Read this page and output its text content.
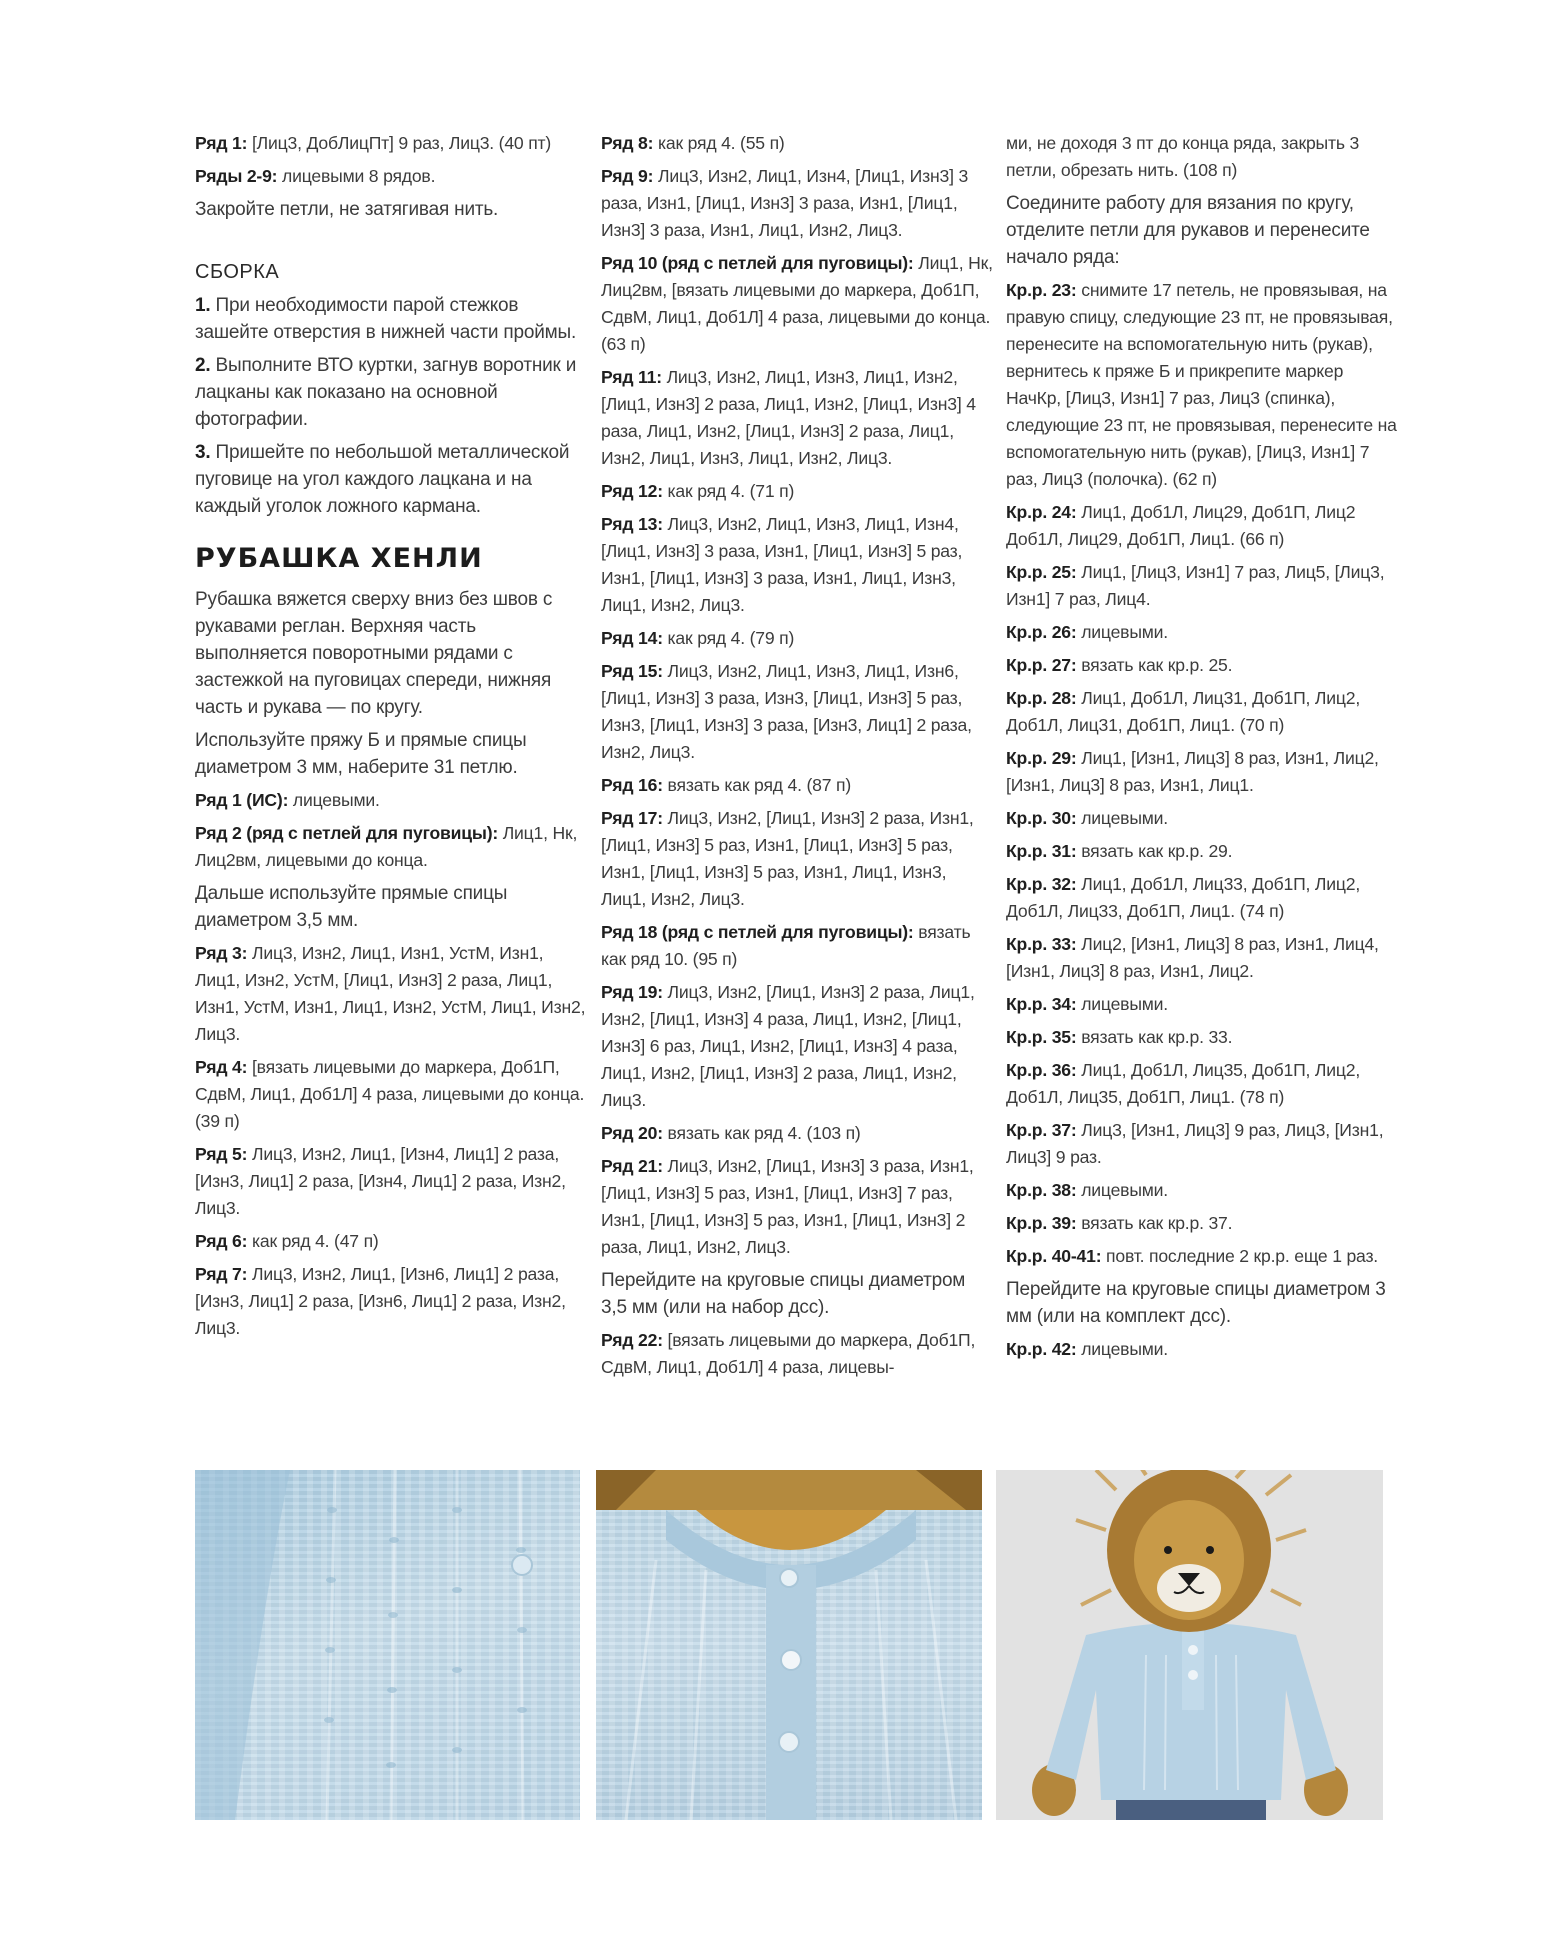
Ряд 1: [Лиц3, ДобЛицПт] 9 раз, Лиц3. (40 пт)

Ряды 2-9: лицевыми 8 рядов.

Закройте петли, не затягивая нить.

СБОРКА

1. При необходимости парой стежков зашейте отверстия в нижней части проймы.

2. Выполните ВТО куртки, загнув воротник и лацканы как показано на основной фотографии.

3. Пришейте по небольшой металлической пуговице на угол каждого лацкана и на каждый уголок ложного кармана.

РУБАШКА ХЕНЛИ

Рубашка вяжется сверху вниз без швов с рукавами реглан. Верхняя часть выполняется поворотными рядами с застежкой на пуговицах спереди, нижняя часть и рукава — по кругу.

Используйте пряжу Б и прямые спицы диаметром 3 мм, наберите 31 петлю.

Ряд 1 (ИС): лицевыми.

Ряд 2 (ряд с петлей для пуговицы): Лиц1, Нк, Лиц2вм, лицевыми до конца.

Дальше используйте прямые спицы диаметром 3,5 мм.

Ряд 3: Лиц3, Изн2, Лиц1, Изн1, УстМ, Изн1, Лиц1, Изн2, УстМ, [Лиц1, Изн3] 2 раза, Лиц1, Изн1, УстМ, Изн1, Лиц1, Изн2, УстМ, Лиц1, Изн2, Лиц3.

Ряд 4: [вязать лицевыми до маркера, Доб1П, СдвМ, Лиц1, Доб1Л] 4 раза, лицевыми до конца. (39 п)

Ряд 5: Лиц3, Изн2, Лиц1, [Изн4, Лиц1] 2 раза, [Изн3, Лиц1] 2 раза, [Изн4, Лиц1] 2 раза, Изн2, Лиц3.

Ряд 6: как ряд 4. (47 п)

Ряд 7: Лиц3, Изн2, Лиц1, [Изн6, Лиц1] 2 раза, [Изн3, Лиц1] 2 раза, [Изн6, Лиц1] 2 раза, Изн2, Лиц3.

Ряд 8: как ряд 4. (55 п)

Ряд 9: Лиц3, Изн2, Лиц1, Изн4, [Лиц1, Изн3] 3 раза, Изн1, [Лиц1, Изн3] 3 раза, Изн1, [Лиц1, Изн3] 3 раза, Изн1, Лиц1, Изн2, Лиц3.

Ряд 10 (ряд с петлей для пуговицы): Лиц1, Нк, Лиц2вм, [вязать лицевыми до маркера, Доб1П, СдвМ, Лиц1, Доб1Л] 4 раза, лицевыми до конца. (63 п)

Ряд 11: Лиц3, Изн2, Лиц1, Изн3, Лиц1, Изн2, [Лиц1, Изн3] 2 раза, Лиц1, Изн2, [Лиц1, Изн3] 4 раза, Лиц1, Изн2, [Лиц1, Изн3] 2 раза, Лиц1, Изн2, Лиц1, Изн3, Лиц1, Изн2, Лиц3.

Ряд 12: как ряд 4. (71 п)

Ряд 13: Лиц3, Изн2, Лиц1, Изн3, Лиц1, Изн4, [Лиц1, Изн3] 3 раза, Изн1, [Лиц1, Изн3] 5 раз, Изн1, [Лиц1, Изн3] 3 раза, Изн1, Лиц1, Изн3, Лиц1, Изн2, Лиц3.

Ряд 14: как ряд 4. (79 п)

Ряд 15: Лиц3, Изн2, Лиц1, Изн3, Лиц1, Изн6, [Лиц1, Изн3] 3 раза, Изн3, [Лиц1, Изн3] 5 раз, Изн3, [Лиц1, Изн3] 3 раза, [Изн3, Лиц1] 2 раза, Изн2, Лиц3.

Ряд 16: вязать как ряд 4. (87 п)

Ряд 17: Лиц3, Изн2, [Лиц1, Изн3] 2 раза, Изн1, [Лиц1, Изн3] 5 раз, Изн1, [Лиц1, Изн3] 5 раз, Изн1, [Лиц1, Изн3] 5 раз, Изн1, Лиц1, Изн3, Лиц1, Изн2, Лиц3.

Ряд 18 (ряд с петлей для пуговицы): вязать как ряд 10. (95 п)

Ряд 19: Лиц3, Изн2, [Лиц1, Изн3] 2 раза, Лиц1, Изн2, [Лиц1, Изн3] 4 раза, Лиц1, Изн2, [Лиц1, Изн3] 6 раз, Лиц1, Изн2, [Лиц1, Изн3] 4 раза, Лиц1, Изн2, [Лиц1, Изн3] 2 раза, Лиц1, Изн2, Лиц3.

Ряд 20: вязать как ряд 4. (103 п)

Ряд 21: Лиц3, Изн2, [Лиц1, Изн3] 3 раза, Изн1, [Лиц1, Изн3] 5 раз, Изн1, [Лиц1, Изн3] 7 раз, Изн1, [Лиц1, Изн3] 5 раз, Изн1, [Лиц1, Изн3] 2 раза, Лиц1, Изн2, Лиц3.

Перейдите на круговые спицы диаметром 3,5 мм (или на набор дсс).

Ряд 22: [вязать лицевыми до маркера, Доб1П, СдвМ, Лиц1, Доб1Л] 4 раза, лицевы-

ми, не доходя 3 пт до конца ряда, закрыть 3 петли, обрезать нить. (108 п)

Соедините работу для вязания по кругу, отделите петли для рукавов и перенесите начало ряда:

Кр.р. 23: снимите 17 петель, не провязывая, на правую спицу, следующие 23 пт, не провязывая, перенесите на вспомогательную нить (рукав), вернитесь к пряже Б и прикрепите маркер НачКр, [Лиц3, Изн1] 7 раз, Лиц3 (спинка), следующие 23 пт, не провязывая, перенесите на вспомогательную нить (рукав), [Лиц3, Изн1] 7 раз, Лиц3 (полочка). (62 п)

Кр.р. 24: Лиц1, Доб1Л, Лиц29, Доб1П, Лиц2 Доб1Л, Лиц29, Доб1П, Лиц1. (66 п)

Кр.р. 25: Лиц1, [Лиц3, Изн1] 7 раз, Лиц5, [Лиц3, Изн1] 7 раз, Лиц4.

Кр.р. 26: лицевыми.

Кр.р. 27: вязать как кр.р. 25.

Кр.р. 28: Лиц1, Доб1Л, Лиц31, Доб1П, Лиц2, Доб1Л, Лиц31, Доб1П, Лиц1. (70 п)

Кр.р. 29: Лиц1, [Изн1, Лиц3] 8 раз, Изн1, Лиц2, [Изн1, Лиц3] 8 раз, Изн1, Лиц1.

Кр.р. 30: лицевыми.

Кр.р. 31: вязать как кр.р. 29.

Кр.р. 32: Лиц1, Доб1Л, Лиц33, Доб1П, Лиц2, Доб1Л, Лиц33, Доб1П, Лиц1. (74 п)

Кр.р. 33: Лиц2, [Изн1, Лиц3] 8 раз, Изн1, Лиц4, [Изн1, Лиц3] 8 раз, Изн1, Лиц2.

Кр.р. 34: лицевыми.

Кр.р. 35: вязать как кр.р. 33.

Кр.р. 36: Лиц1, Доб1Л, Лиц35, Доб1П, Лиц2, Доб1Л, Лиц35, Доб1П, Лиц1. (78 п)

Кр.р. 37: Лиц3, [Изн1, Лиц3] 9 раз, Лиц3, [Изн1, Лиц3] 9 раз.

Кр.р. 38: лицевыми.

Кр.р. 39: вязать как кр.р. 37.

Кр.р. 40-41: повт. последние 2 кр.р. еще 1 раз.

Перейдите на круговые спицы диаметром 3 мм (или на комплект дсс).

Кр.р. 42: лицевыми.
